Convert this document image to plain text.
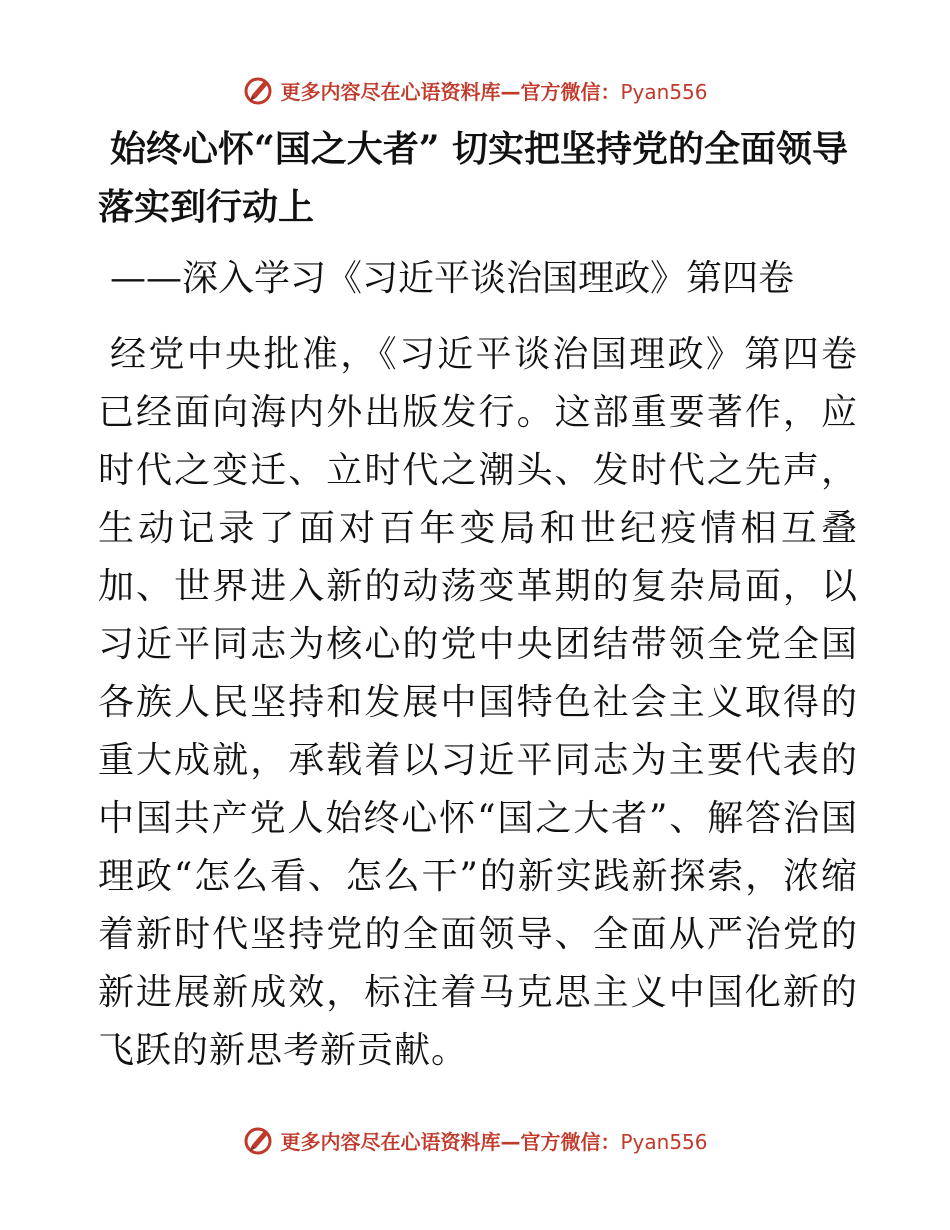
更多内容尽在心语资料库—官方微信：Pyan556
始终心怀“国之大者” 切实把坚持党的全面领导
落实到行动上

——深入学习《习近平谈治国理政》第四卷

经党中央批准，《习近平谈治国理政》第四卷已经面向海内外出版发行。这部重要著作，应时代之变迁、立时代之潮头、发时代之先声，生动记录了面对百年变局和世纪疫情相互叠加、世界进入新的动荡变革期的复杂局面，以习近平同志为核心的党中央团结带领全党全国各族人民坚持和发展中国特色社会主义取得的重大成就，承载着以习近平同志为主要代表的中国共产党人始终心怀“国之大者”、解答治国理政“怎么看、怎么干”的新实践新探索，浓缩着新时代坚持党的全面领导、全面从严治党的新进展新成效，标注着马克思主义中国化新的飞跃的新思考新贡献。

更多内容尽在心语资料库—官方微信：Pyan556
